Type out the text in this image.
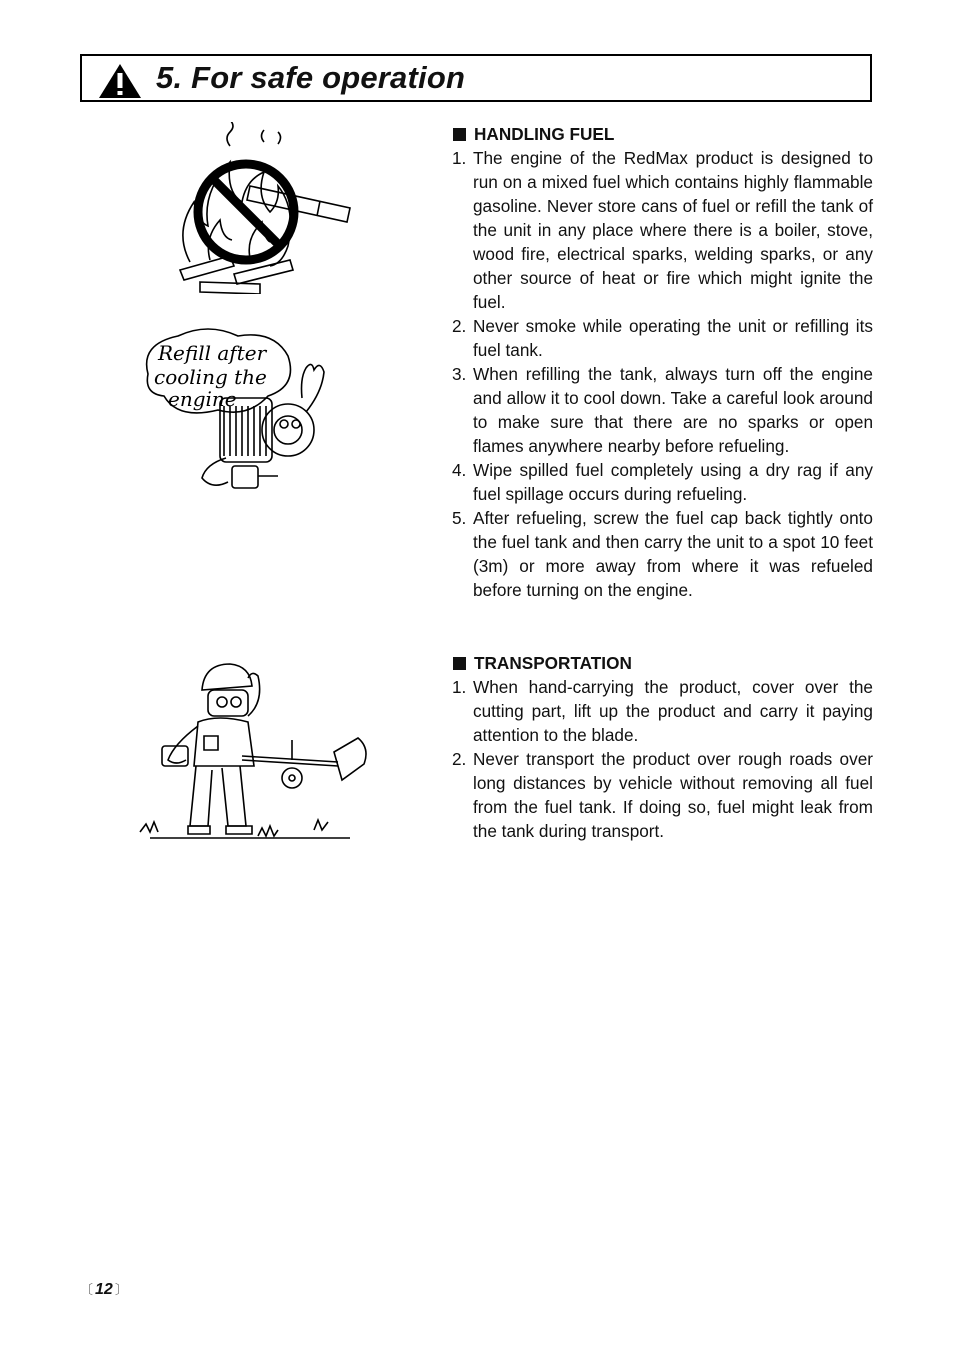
5. For safe operation
Refill after
cooling the
engine
HANDLING FUEL
1. The engine of the RedMax product is designed to run on a mixed fuel which contains highly flammable gasoline. Never store cans of fuel or refill the tank of the unit in any place where there is a boiler, stove, wood fire, electrical sparks, welding sparks, or any other source of heat or fire which might ignite the fuel.
2. Never smoke while operating the unit or refilling its fuel tank.
3. When refilling the tank, always turn off the engine and allow it to cool down. Take a careful look around to make sure that there are no sparks or open flames anywhere nearby before refueling.
4. Wipe spilled fuel completely using a dry rag if any fuel spillage occurs during refueling.
5. After refueling, screw the fuel cap back tightly onto the fuel tank and then carry the unit to a spot 10 feet (3m) or more away from where it was refueled before turning on the engine.
TRANSPORTATION
1. When hand-carrying the product, cover over the cutting part, lift up the product and carry it paying attention to the blade.
2. Never transport the product over rough roads over long distances by vehicle without removing all fuel from the fuel tank. If doing so, fuel might leak from the tank during transport.
〔 12 〕
